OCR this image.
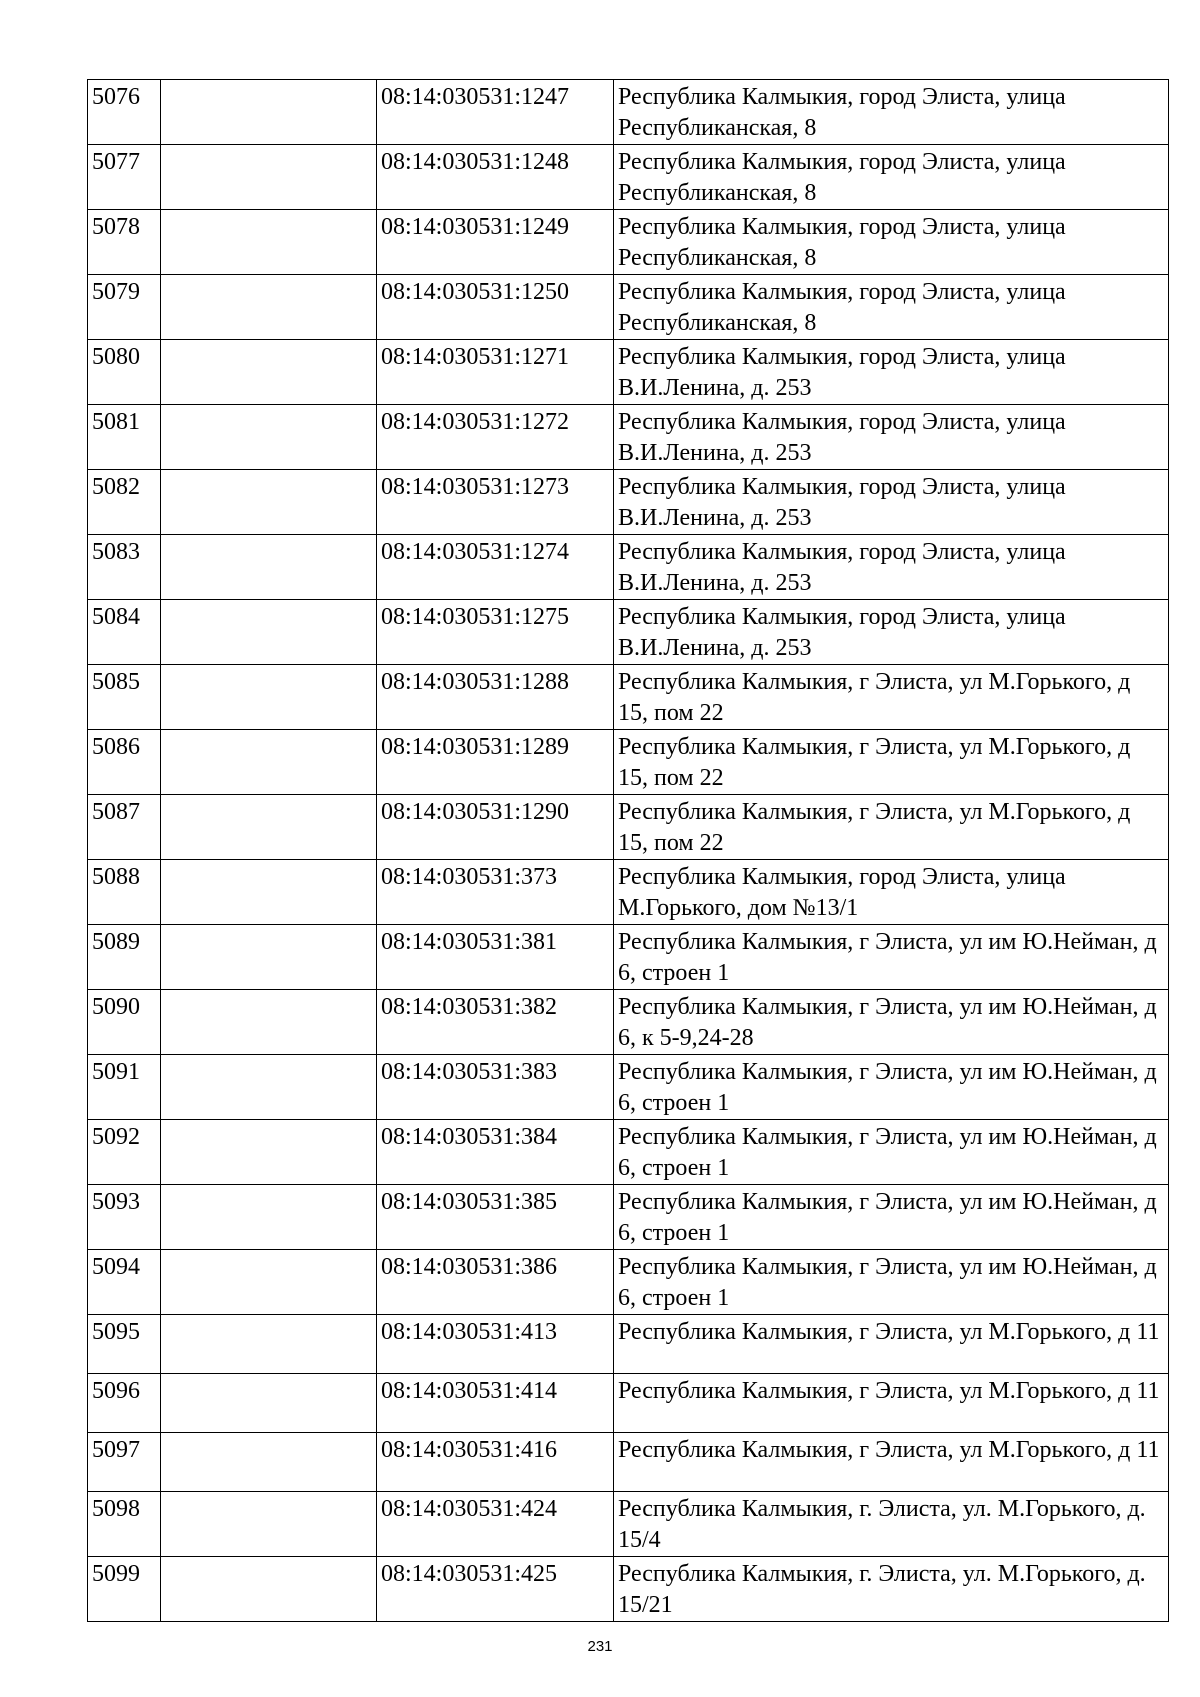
5076		08:14:030531:1247	Республика Калмыкия, город Элиста, улица Республиканская, 8
5077		08:14:030531:1248	Республика Калмыкия, город Элиста, улица Республиканская, 8
5078		08:14:030531:1249	Республика Калмыкия, город Элиста, улица Республиканская, 8
5079		08:14:030531:1250	Республика Калмыкия, город Элиста, улица Республиканская, 8
5080		08:14:030531:1271	Республика Калмыкия, город Элиста, улица В.И.Ленина, д. 253
5081		08:14:030531:1272	Республика Калмыкия, город Элиста, улица В.И.Ленина, д. 253
5082		08:14:030531:1273	Республика Калмыкия, город Элиста, улица В.И.Ленина, д. 253
5083		08:14:030531:1274	Республика Калмыкия, город Элиста, улица В.И.Ленина, д. 253
5084		08:14:030531:1275	Республика Калмыкия, город Элиста, улица В.И.Ленина, д. 253
5085		08:14:030531:1288	Республика Калмыкия, г Элиста, ул М.Горького, д 15, пом 22
5086		08:14:030531:1289	Республика Калмыкия, г Элиста, ул М.Горького, д 15, пом 22
5087		08:14:030531:1290	Республика Калмыкия, г Элиста, ул М.Горького, д 15, пом 22
5088		08:14:030531:373	Республика Калмыкия, город Элиста, улица М.Горького, дом №13/1
5089		08:14:030531:381	Республика Калмыкия, г Элиста, ул им Ю.Нейман, д 6, строен 1
5090		08:14:030531:382	Республика Калмыкия, г Элиста, ул им Ю.Нейман, д 6, к 5-9,24-28
5091		08:14:030531:383	Республика Калмыкия, г Элиста, ул им Ю.Нейман, д 6, строен 1
5092		08:14:030531:384	Республика Калмыкия, г Элиста, ул им Ю.Нейман, д 6, строен 1
5093		08:14:030531:385	Республика Калмыкия, г Элиста, ул им Ю.Нейман, д 6, строен 1
5094		08:14:030531:386	Республика Калмыкия, г Элиста, ул им Ю.Нейман, д 6, строен 1
5095		08:14:030531:413	Республика Калмыкия, г Элиста, ул М.Горького, д 11
5096		08:14:030531:414	Республика Калмыкия, г Элиста, ул М.Горького, д 11
5097		08:14:030531:416	Республика Калмыкия, г Элиста, ул М.Горького, д 11
5098		08:14:030531:424	Республика Калмыкия, г. Элиста, ул. М.Горького, д. 15/4
5099		08:14:030531:425	Республика Калмыкия, г. Элиста, ул. М.Горького, д. 15/21
231
